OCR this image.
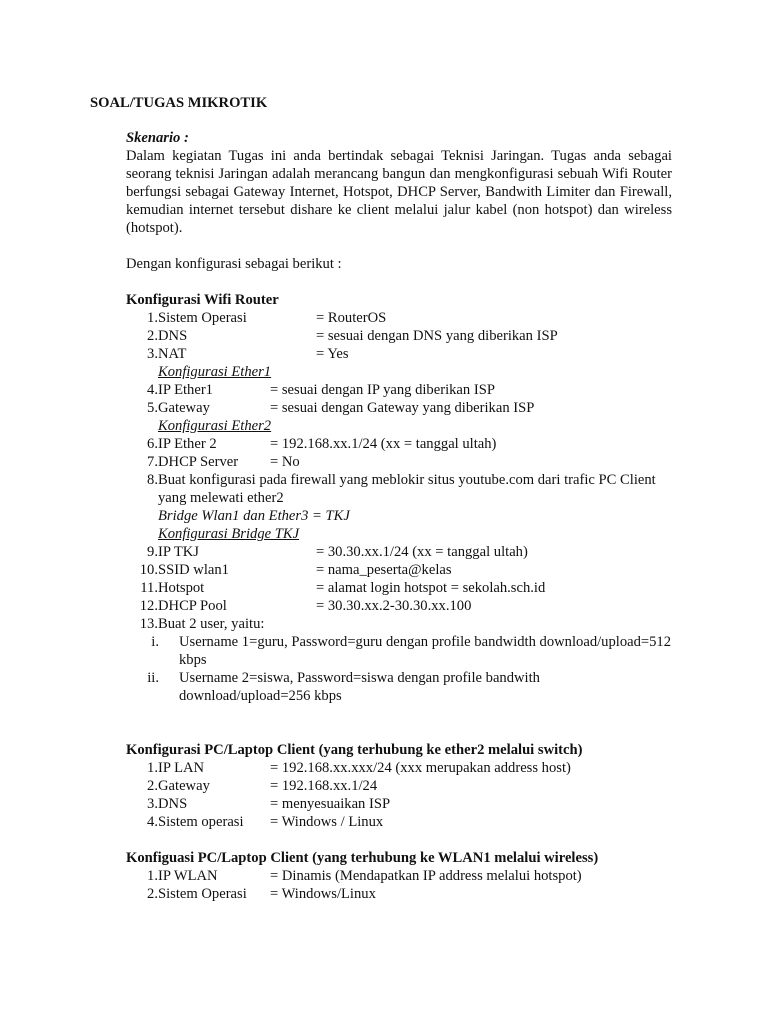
SOAL/TUGAS MIKROTIK
Skenario :
Dalam kegiatan Tugas ini anda bertindak sebagai Teknisi Jaringan. Tugas anda sebagai seorang teknisi Jaringan adalah merancang bangun dan mengkonfigurasi sebuah Wifi Router berfungsi sebagai Gateway Internet, Hotspot, DHCP Server, Bandwith Limiter dan Firewall, kemudian internet tersebut dishare ke client melalui jalur kabel (non hotspot) dan wireless (hotspot).
Dengan konfigurasi sebagai berikut :
Konfigurasi Wifi Router
1. Sistem Operasi	= RouterOS
2. DNS	= sesuai dengan DNS yang diberikan ISP
3. NAT	= Yes
Konfigurasi Ether1
4. IP Ether1	= sesuai dengan IP yang diberikan ISP
5. Gateway	= sesuai dengan Gateway yang diberikan ISP
Konfigurasi Ether2
6. IP Ether 2	= 192.168.xx.1/24 (xx = tanggal ultah)
7. DHCP Server	= No
8. Buat konfigurasi pada firewall yang meblokir situs youtube.com dari trafic PC Client yang melewati ether2
Bridge Wlan1 dan Ether3 = TKJ
Konfigurasi Bridge TKJ
9. IP TKJ	= 30.30.xx.1/24 (xx = tanggal ultah)
10. SSID wlan1	= nama_peserta@kelas
11. Hotspot	= alamat login hotspot = sekolah.sch.id
12. DHCP Pool	= 30.30.xx.2-30.30.xx.100
13. Buat 2 user, yaitu:
i.	Username 1=guru, Password=guru dengan profile bandwidth download/upload=512 kbps
ii.	Username 2=siswa, Password=siswa dengan profile bandwith download/upload=256 kbps
Konfigurasi PC/Laptop Client (yang terhubung ke ether2 melalui switch)
1. IP LAN	= 192.168.xx.xxx/24 (xxx merupakan address host)
2. Gateway	= 192.168.xx.1/24
3. DNS	= menyesuaikan ISP
4. Sistem operasi	= Windows / Linux
Konfiguasi PC/Laptop Client (yang terhubung ke WLAN1 melalui wireless)
1. IP WLAN	= Dinamis (Mendapatkan IP address melalui hotspot)
2. Sistem Operasi	= Windows/Linux
